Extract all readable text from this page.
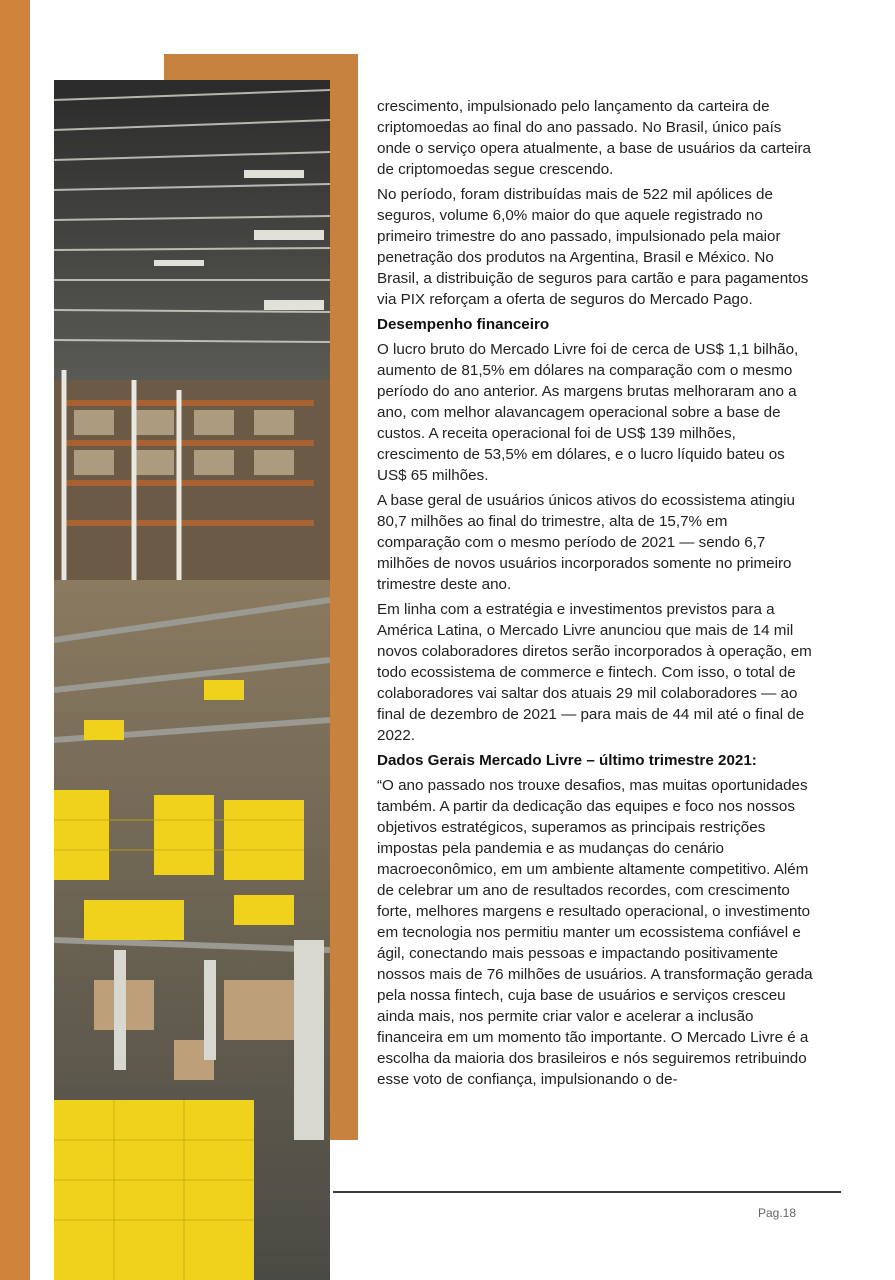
crescimento, impulsionado pelo lançamento da carteira de criptomoedas ao final do ano passado. No Brasil, único país onde o serviço opera atualmente, a base de usuários da carteira de criptomoedas segue crescendo.

No período, foram distribuídas mais de 522 mil apólices de seguros, volume 6,0% maior do que aquele registrado no primeiro trimestre do ano passado, impulsionado pela maior penetração dos produtos na Argentina, Brasil e México. No Brasil, a distribuição de seguros para cartão e para pagamentos via PIX reforçam a oferta de seguros do Mercado Pago.

Desempenho financeiro

O lucro bruto do Mercado Livre foi de cerca de US$ 1,1 bilhão, aumento de 81,5% em dólares na comparação com o mesmo período do ano anterior. As margens brutas melhoraram ano a ano, com melhor alavancagem operacional sobre a base de custos. A receita operacional foi de US$ 139 milhões, crescimento de 53,5% em dólares, e o lucro líquido bateu os US$ 65 milhões.

A base geral de usuários únicos ativos do ecossistema atingiu 80,7 milhões ao final do trimestre, alta de 15,7% em comparação com o mesmo período de 2021 — sendo 6,7 milhões de novos usuários incorporados somente no primeiro trimestre deste ano.

Em linha com a estratégia e investimentos previstos para a América Latina, o Mercado Livre anunciou que mais de 14 mil novos colaboradores diretos serão incorporados à operação, em todo ecossistema de commerce e fintech. Com isso, o total de colaboradores vai saltar dos atuais 29 mil colaboradores — ao final de dezembro de 2021 — para mais de 44 mil até o final de 2022.

Dados Gerais Mercado Livre – último trimestre 2021:

“O ano passado nos trouxe desafios, mas muitas oportunidades também. A partir da dedicação das equipes e foco nos nossos objetivos estratégicos, superamos as principais restrições impostas pela pandemia e as mudanças do cenário macroeconômico, em um ambiente altamente competitivo. Além de celebrar um ano de resultados recordes, com crescimento forte, melhores margens e resultado operacional, o investimento em tecnologia nos permitiu manter um ecossistema confiável e ágil, conectando mais pessoas e impactando positivamente nossos mais de 76 milhões de usuários. A transformação gerada pela nossa fintech, cuja base de usuários e serviços cresceu ainda mais, nos permite criar valor e acelerar a inclusão financeira em um momento tão importante. O Mercado Livre é a escolha da maioria dos brasileiros e nós seguiremos retribuindo esse voto de confiança, impulsionando o de-

Pag.18
